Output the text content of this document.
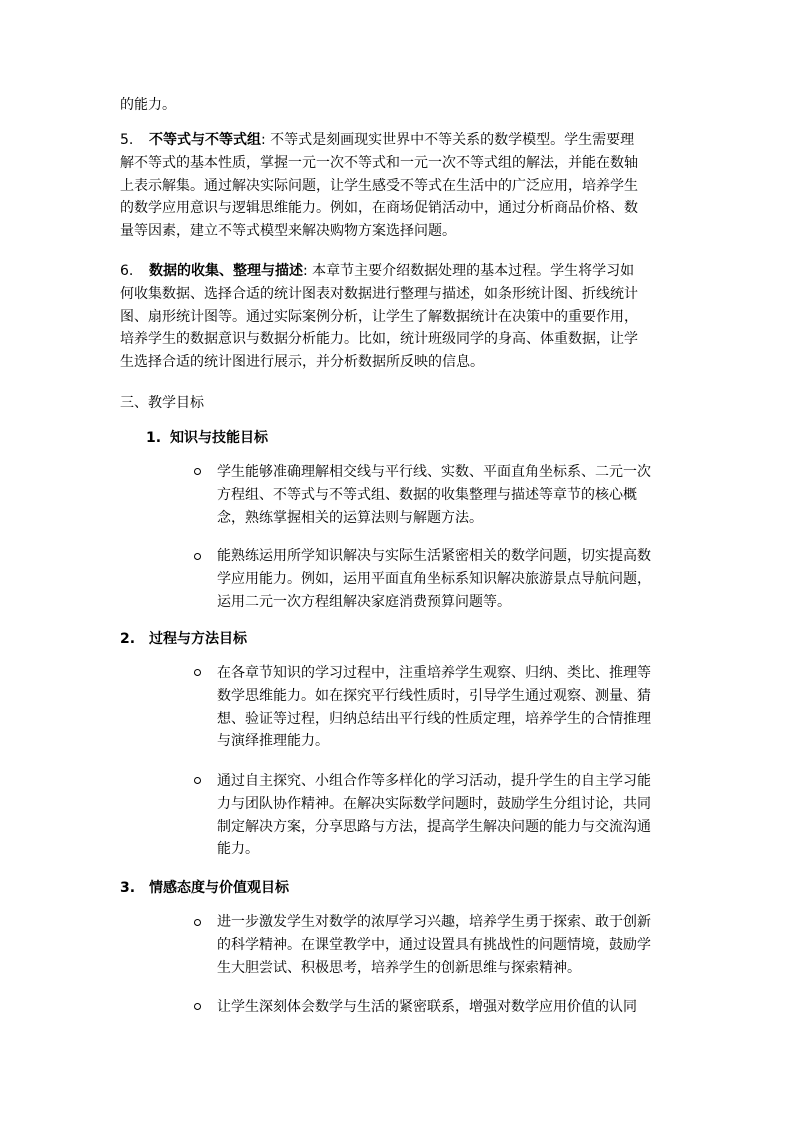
的能力。

5. 不等式与不等式组: 不等式是刻画现实世界中不等关系的数学模型。学生需要理

解不等式的基本性质，掌握一元一次不等式和一元一次不等式组的解法，并能在数轴
上表示解集。通过解决实际问题，让学生感受不等式在生活中的广泛应用，培养学生
的数学应用意识与逻辑思维能力。例如，在商场促销活动中，通过分析商品价格、数
量等因素，建立不等式模型来解决购物方案选择问题。

6. 数据的收集、整理与描述: 本章节主要介绍数据处理的基本过程。学生将学习如

何收集数据、选择合适的统计图表对数据进行整理与描述，如条形统计图、折线统计
图、扇形统计图等。通过实际案例分析，让学生了解数据统计在决策中的重要作用，
培养学生的数据意识与数据分析能力。比如，统计班级同学的身高、体重数据，让学
生选择合适的统计图进行展示，并分析数据所反映的信息。

三、教学目标

1. 知识与技能目标

学生能够准确理解相交线与平行线、实数、平面直角坐标系、二元一次
方程组、不等式与不等式组、数据的收集整理与描述等章节的核心概
念，熟练掌握相关的运算法则与解题方法。

能熟练运用所学知识解决与实际生活紧密相关的数学问题，切实提高数
学应用能力。例如，运用平面直角坐标系知识解决旅游景点导航问题，
运用二元一次方程组解决家庭消费预算问题等。

2. 过程与方法目标

在各章节知识的学习过程中，注重培养学生观察、归纳、类比、推理等
数学思维能力。如在探究平行线性质时，引导学生通过观察、测量、猜
想、验证等过程，归纳总结出平行线的性质定理，培养学生的合情推理
与演绎推理能力。

通过自主探究、小组合作等多样化的学习活动，提升学生的自主学习能
力与团队协作精神。在解决实际数学问题时，鼓励学生分组讨论，共同
制定解决方案，分享思路与方法，提高学生解决问题的能力与交流沟通
能力。

3. 情感态度与价值观目标

进一步激发学生对数学的浓厚学习兴趣，培养学生勇于探索、敢于创新
的科学精神。在课堂教学中，通过设置具有挑战性的问题情境，鼓励学
生大胆尝试、积极思考，培养学生的创新思维与探索精神。

让学生深刻体会数学与生活的紧密联系，增强对数学应用价值的认同
